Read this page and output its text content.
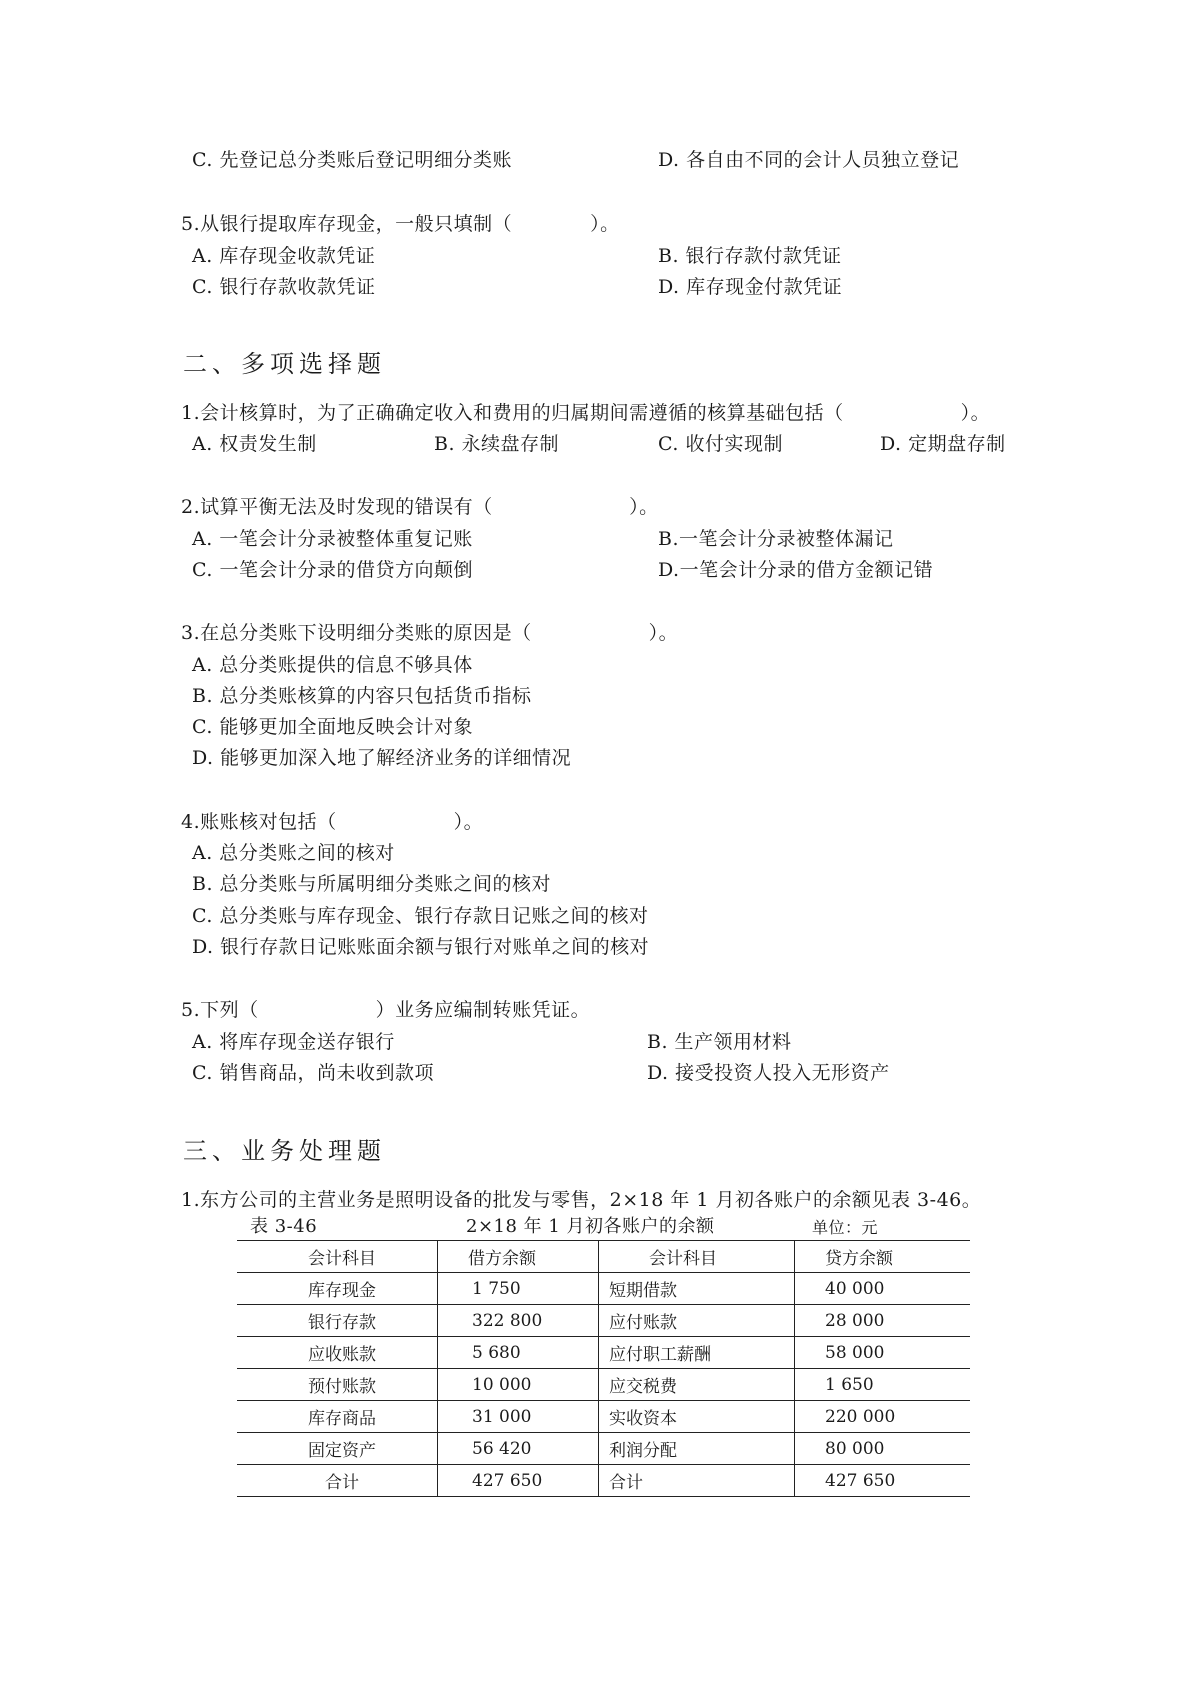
C. 先登记总分类账后登记明细分类账	D. 各自由不同的会计人员独立登记
5.从银行提取库存现金，一般只填制（　　　　）。
A. 库存现金收款凭证	B. 银行存款付款凭证
C. 银行存款收款凭证	D. 库存现金付款凭证
二、多项选择题
1.会计核算时，为了正确确定收入和费用的归属期间需遵循的核算基础包括（　　　　　　）。
A. 权责发生制	B. 永续盘存制	C. 收付实现制	D. 定期盘存制
2.试算平衡无法及时发现的错误有（　　　　　　　）。
A. 一笔会计分录被整体重复记账	B.一笔会计分录被整体漏记
C. 一笔会计分录的借贷方向颠倒	D.一笔会计分录的借方金额记错
3.在总分类账下设明细分类账的原因是（　　　　　　）。
A. 总分类账提供的信息不够具体
B. 总分类账核算的内容只包括货币指标
C. 能够更加全面地反映会计对象
D. 能够更加深入地了解经济业务的详细情况
4.账账核对包括（　　　　　　）。
A. 总分类账之间的核对
B. 总分类账与所属明细分类账之间的核对
C. 总分类账与库存现金、银行存款日记账之间的核对
D. 银行存款日记账账面余额与银行对账单之间的核对
5.下列（　　　　　　）业务应编制转账凭证。
A. 将库存现金送存银行	B. 生产领用材料
C. 销售商品，尚未收到款项	D. 接受投资人投入无形资产
三、业务处理题
1.东方公司的主营业务是照明设备的批发与零售，2×18 年 1 月初各账户的余额见表 3-46。
表 3-46	2×18 年 1 月初各账户的余额	单位：元
会计科目	借方余额	会计科目	贷方余额
库存现金	1 750	短期借款	40 000
银行存款	322 800	应付账款	28 000
应收账款	5 680	应付职工薪酬	58 000
预付账款	10 000	应交税费	1 650
库存商品	31 000	实收资本	220 000
固定资产	56 420	利润分配	80 000
合计	427 650	合计	427 650
